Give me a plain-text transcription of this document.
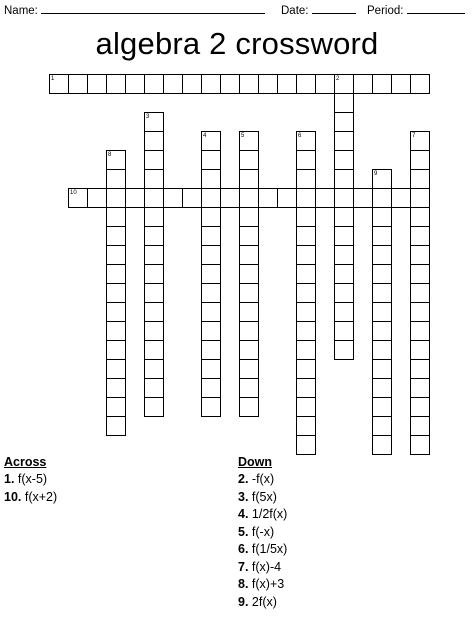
Name:	Date:	Period:
algebra 2 crossword
1
10
2
3
4	5	6	7
8
9
Across	Down
1. f(x-5)
10. f(x+2)
2. -f(x)
3. f(5x)
4. 1/2f(x)
5. f(-x)
6. f(1/5x)
7. f(x)-4
8. f(x)+3
9. 2f(x)
